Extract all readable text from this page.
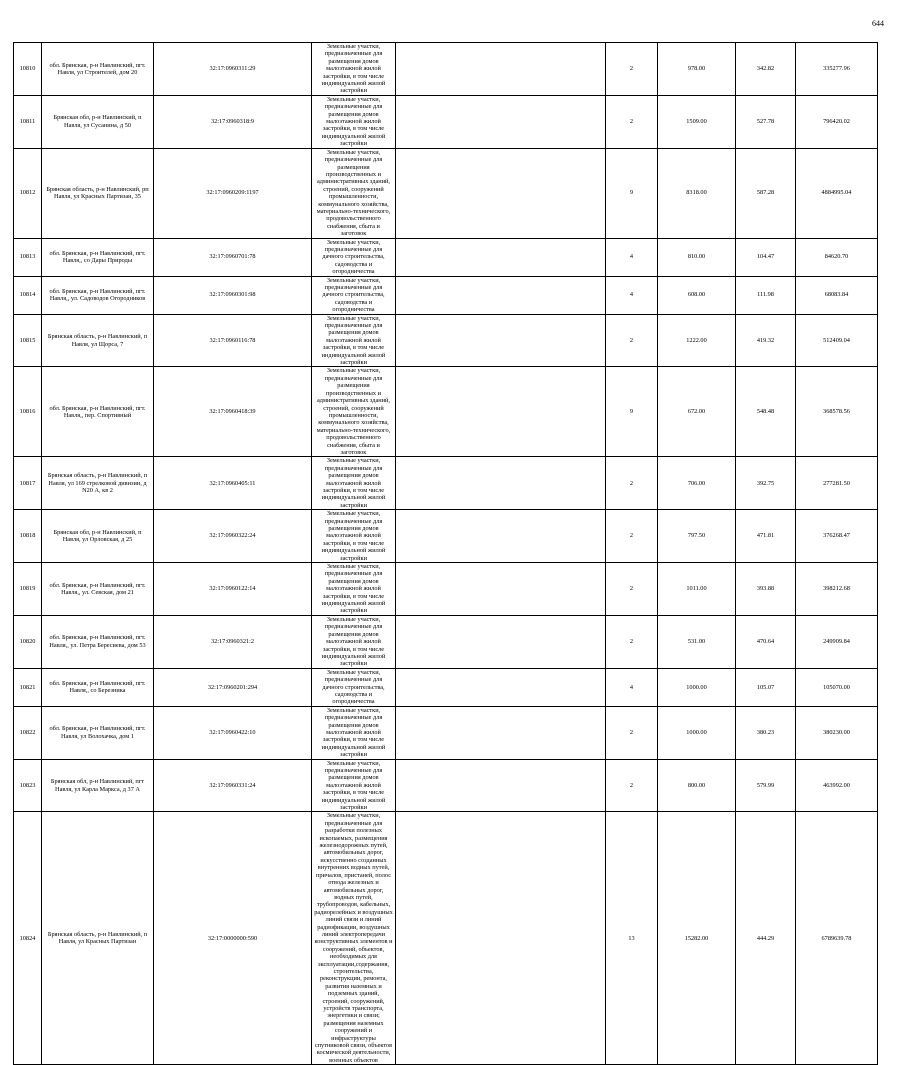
644
10810	обл. Брянская, р-н Навлинский, пгт. Навля, ул Строителей, дом 20	32:17:0960311:29	Земельные участки, предназначенные для размещения домов малоэтажной жилой застройки, в том числе индивидуальной жилой застройки		2	978.00	342.82	335277.96
10811	Брянская обл, р-н Навлинский, п Навля, ул Сусанина, д 50	32:17:0960318:9	Земельные участки, предназначенные для размещения домов малоэтажной жилой застройки, в том числе индивидуальной жилой застройки		2	1509.00	527.78	796420.02
10812	Брянская область, р-н Навлинский, рп Навля, ул Красных Партизан, 35	32:17:0960209:1197	Земельные участки, предназначенные для размещения производственных и административных зданий, строений, сооружений промышленности, коммунального хозяйства, материально-технического, продовольственного снабжения, сбыта и заготовок		9	8318.00	587.28	4884995.04
10813	обл. Брянская, р-н Навлинский, пгт. Навля,, со Дары Природы	32:17:0960701:78	Земельные участки, предназначенные для дачного строительства, садоводства и огородничества		4	810.00	104.47	84620.70
10814	обл. Брянская, р-н Навлинский, пгт. Навля,, ул. Садоводов Огородников	32:17:0960301:98	Земельные участки, предназначенные для дачного строительства, садоводства и огородничества		4	608.00	111.98	68083.84
10815	Брянская область, р-н Навлинский, п Навля, ул Щорса, 7	32:17:0960116:78	Земельные участки, предназначенные для размещения домов малоэтажной жилой застройки, в том числе индивидуальной жилой застройки		2	1222.00	419.32	512409.04
10816	обл. Брянская, р-н Навлинский, пгт. Навля,, пер. Спортивный	32:17:0960418:39	Земельные участки, предназначенные для размещения производственных и административных зданий, строений, сооружений промышленности, коммунального хозяйства, материально-технического, продовольственного снабжения, сбыта и заготовок		9	672.00	548.48	368578.56
10817	Брянская область, р-н Навлинский, п Навля, ул 169 стрелковой дивизии, д N20 А, кв 2	32:17:0960405:11	Земельные участки, предназначенные для размещения домов малоэтажной жилой застройки, в том числе индивидуальной жилой застройки		2	706.00	392.75	277281.50
10818	Брянская обл, р-н Навлинский, п Навля, ул Орловская, д 25	32:17:0960322:24	Земельные участки, предназначенные для размещения домов малоэтажной жилой застройки, в том числе индивидуальной жилой застройки		2	797.50	471.81	376268.47
10819	обл. Брянская, р-н Навлинский, пгт. Навля,, ул. Севская, дом 21	32:17:0960122:14	Земельные участки, предназначенные для размещения домов малоэтажной жилой застройки, в том числе индивидуальной жилой застройки		2	1011.00	393.88	398212.68
10820	обл. Брянская, р-н Навлинский, пгт. Навля,, ул. Петра Бересиева, дом 53	32:17:0960321:2	Земельные участки, предназначенные для размещения домов малоэтажной жилой застройки, в том числе индивидуальной жилой застройки		2	531.00	470.64	249909.84
10821	обл. Брянская, р-н Навлинский, пгт. Навля,, со Березника	32:17:0960201:294	Земельные участки, предназначенные для дачного строительства, садоводства и огородничества		4	1000.00	105.07	105070.00
10822	обл. Брянская, р-н Навлинский, пгт. Навля, ул Волохачка, дом 1	32:17:0960422:10	Земельные участки, предназначенные для размещения домов малоэтажной жилой застройки, в том числе индивидуальной жилой застройки		2	1000.00	380.23	380230.00
10823	Брянская обл, р-н Навлинский, пгт Навля, ул Карла Маркса, д 37 А	32:17:0960331:24	Земельные участки, предназначенные для размещения домов малоэтажной жилой застройки, в том числе индивидуальной жилой застройки		2	800.00	579.99	463992.00
10824	Брянская область, р-н Навлинский, п Навля, ул Красных Партизан	32:17:0000000:590	Земельные участки, предназначенные для разработки полезных ископаемых, размещения железнодорожных путей, автомобильных дорог, искусственно созданных внутренних водных путей, причалов, пристаней, полос отвода железных и автомобильных дорог, водных путей, трубопроводов, кабельных, радиорелейных и воздушных линий связи и линий радиофикации, воздушных линий электропередачи конструктивных элементов и сооружений, объектов, необходимых для эксплуатации,содержания, строительства, реконструкции, ремонта, развития наземных и подземных зданий, строений, сооружений, устройств транспорта, энергетики и связи; размещения наземных сооружений и инфраструктуры спутниковой связи, объектов космической деятельности, военных объектов		13	15282.00	444.29	6789639.78
